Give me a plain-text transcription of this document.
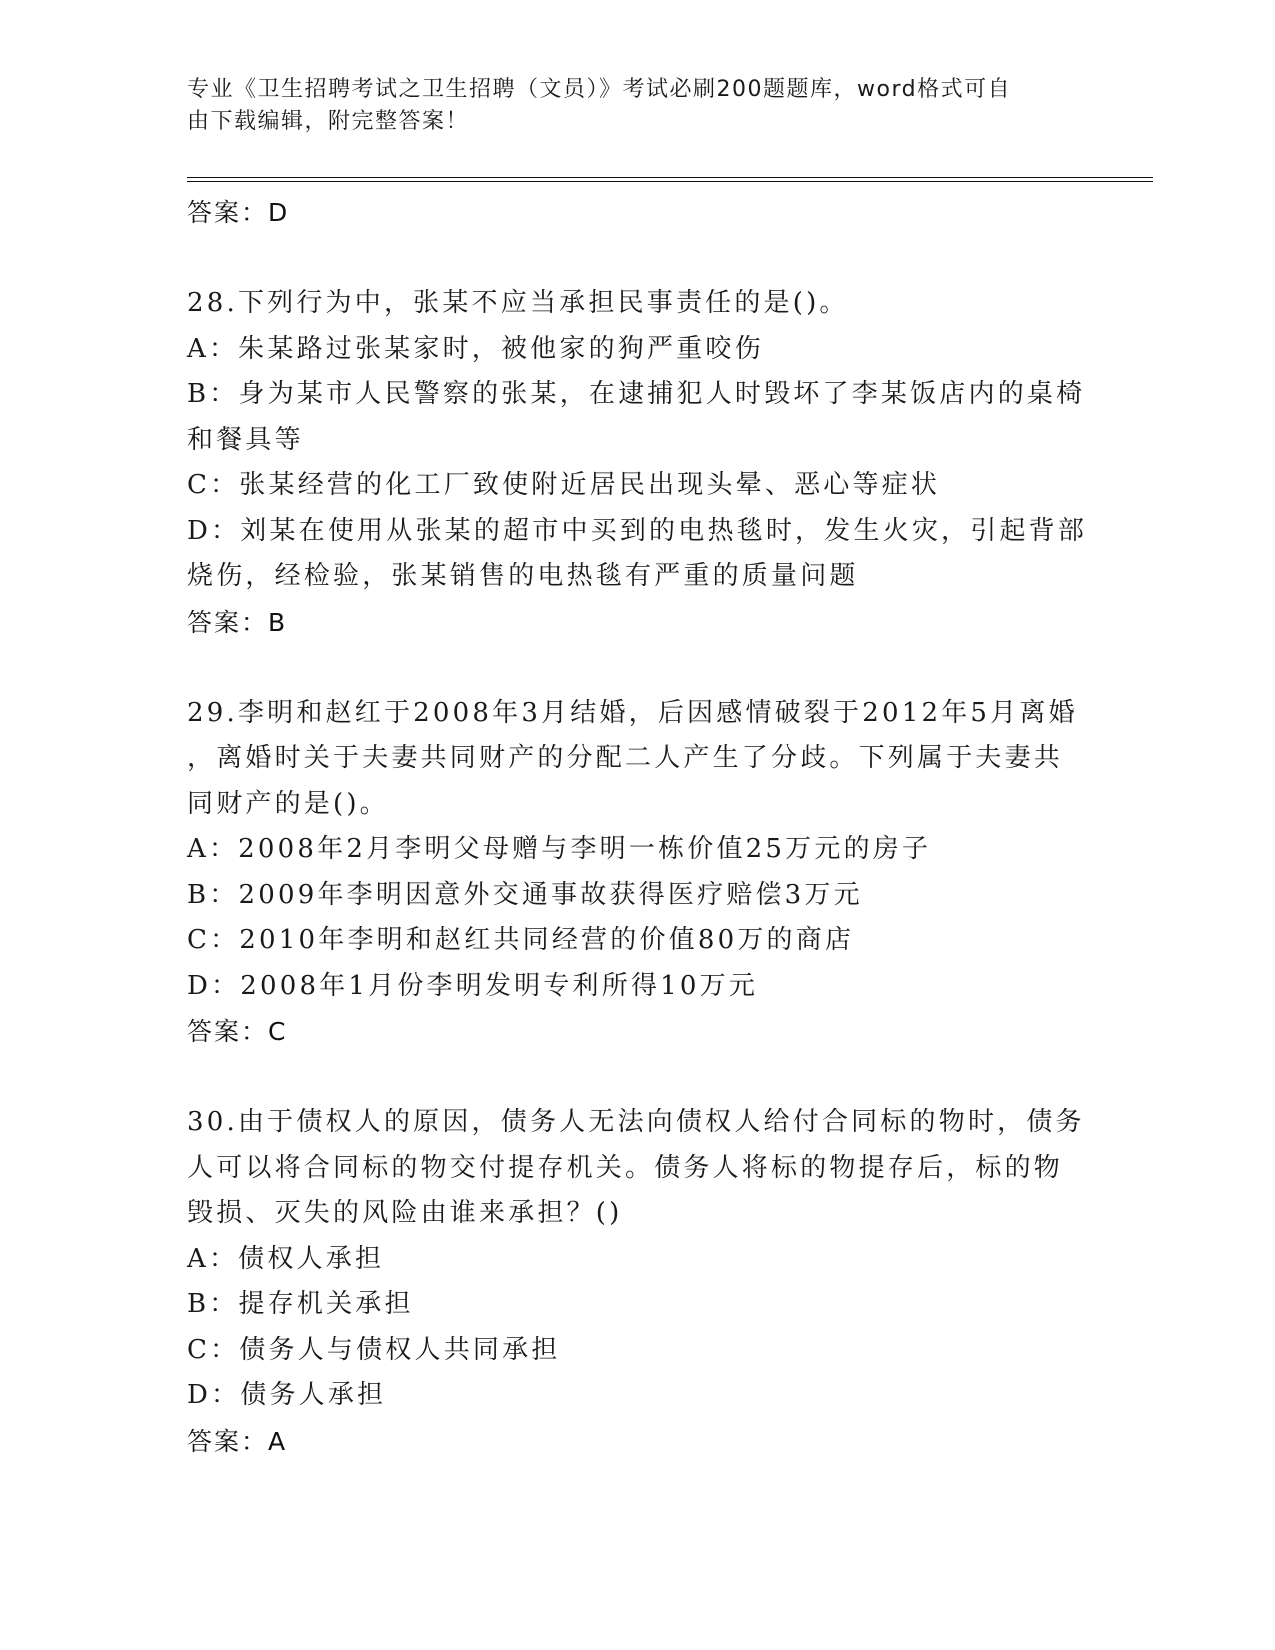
专业《卫生招聘考试之卫生招聘（文员）》考试必刷200题题库，word格式可自
由下载编辑，附完整答案！
答案：D
28.下列行为中，张某不应当承担民事责任的是()。
A：朱某路过张某家时，被他家的狗严重咬伤
B：身为某市人民警察的张某，在逮捕犯人时毁坏了李某饭店内的桌椅
和餐具等
C：张某经营的化工厂致使附近居民出现头晕、恶心等症状
D：刘某在使用从张某的超市中买到的电热毯时，发生火灾，引起背部
烧伤，经检验，张某销售的电热毯有严重的质量问题
答案：B
29.李明和赵红于2008年3月结婚，后因感情破裂于2012年5月离婚
，离婚时关于夫妻共同财产的分配二人产生了分歧。下列属于夫妻共
同财产的是()。
A：2008年2月李明父母赠与李明一栋价值25万元的房子
B：2009年李明因意外交通事故获得医疗赔偿3万元
C：2010年李明和赵红共同经营的价值80万的商店
D：2008年1月份李明发明专利所得10万元
答案：C
30.由于债权人的原因，债务人无法向债权人给付合同标的物时，债务
人可以将合同标的物交付提存机关。债务人将标的物提存后，标的物
毁损、灭失的风险由谁来承担？()
A：债权人承担
B：提存机关承担
C：债务人与债权人共同承担
D：债务人承担
答案：A
